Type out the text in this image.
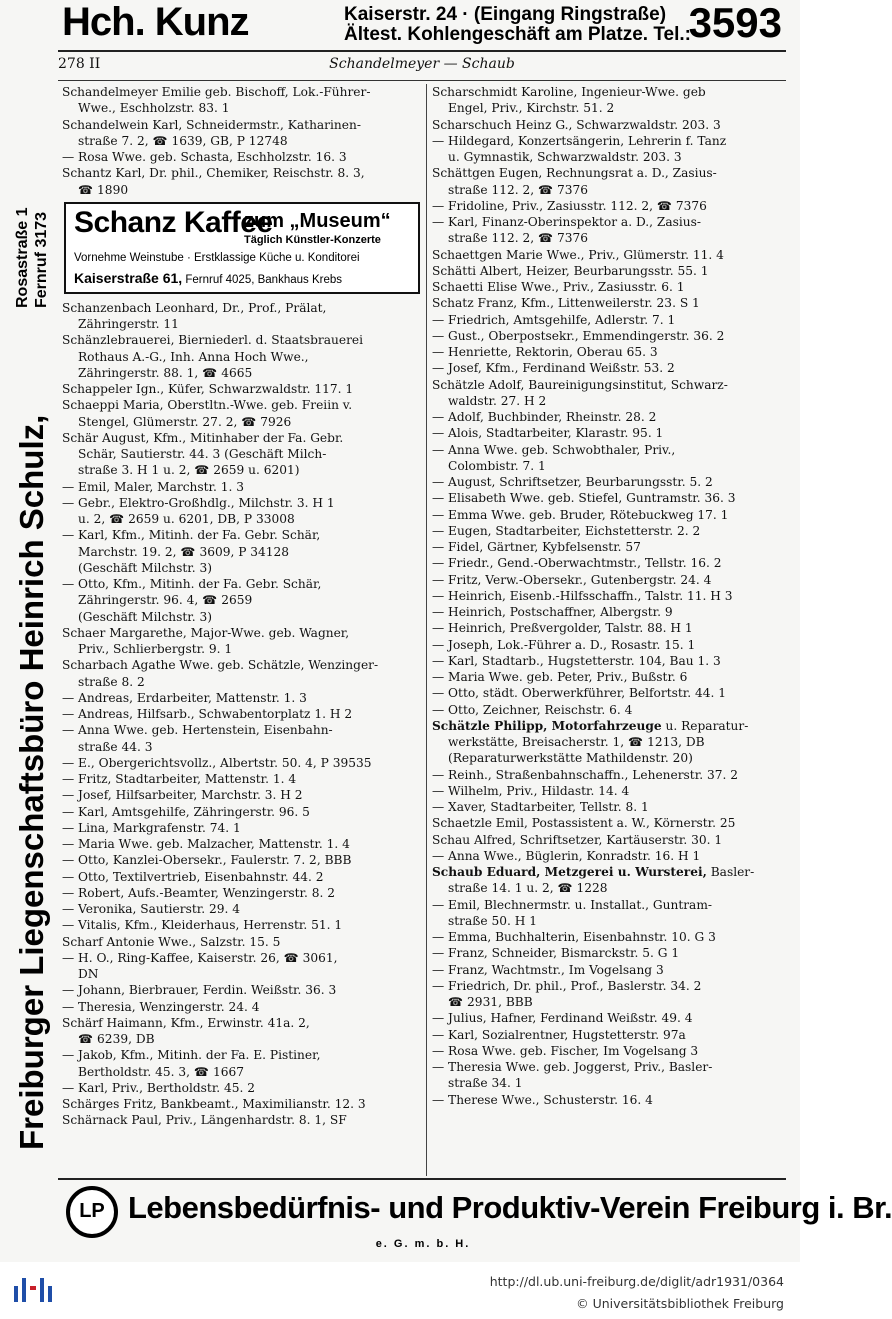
Hch. Kunz	Kaiserstr. 24 · (Eingang Ringstraße)
Ältest. Kohlengeschäft am Platze. Tel.:
3593
278 II	Schandelmeyer — Schaub
Rosastraße 1 Fernruf 3173
Freiburger Liegenschaftsbüro Heinrich Schulz,
Schandelmeyer Emilie geb. Bischoff, Lok.-Führer-
Wwe., Eschholzstr. 83. 1
Schandelwein Karl, Schneidermstr., Katharinen-
straße 7. 2, ☎ 1639, GB, P 12748
— Rosa Wwe. geb. Schasta, Eschholzstr. 16. 3
Schantz Karl, Dr. phil., Chemiker, Reischstr. 8. 3,
☎ 1890
Schanz Kaffee
zum „Museum“
Täglich Künstler-Konzerte
Vornehme Weinstube · Erstklassige Küche u. Konditorei
Kaiserstraße 61, Fernruf 4025, Bankhaus Krebs
Schanzenbach Leonhard, Dr., Prof., Prälat,
Zähringerstr. 11
Schänzlebrauerei, Bierniederl. d. Staatsbrauerei
Rothaus A.-G., Inh. Anna Hoch Wwe.,
Zähringerstr. 88. 1, ☎ 4665
Schappeler Ign., Küfer, Schwarzwaldstr. 117. 1
Schaeppi Maria, Oberstltn.-Wwe. geb. Freiin v.
Stengel, Glümerstr. 27. 2, ☎ 7926
Schär August, Kfm., Mitinhaber der Fa. Gebr.
Schär, Sautierstr. 44. 3 (Geschäft Milch-
straße 3. H 1 u. 2, ☎ 2659 u. 6201)
— Emil, Maler, Marchstr. 1. 3
— Gebr., Elektro-Großhdlg., Milchstr. 3. H 1
u. 2, ☎ 2659 u. 6201, DB, P 33008
— Karl, Kfm., Mitinh. der Fa. Gebr. Schär,
Marchstr. 19. 2, ☎ 3609, P 34128
(Geschäft Milchstr. 3)
— Otto, Kfm., Mitinh. der Fa. Gebr. Schär,
Zähringerstr. 96. 4, ☎ 2659
(Geschäft Milchstr. 3)
Schaer Margarethe, Major-Wwe. geb. Wagner,
Priv., Schlierbergstr. 9. 1
Scharbach Agathe Wwe. geb. Schätzle, Wenzinger-
straße 8. 2
— Andreas, Erdarbeiter, Mattenstr. 1. 3
— Andreas, Hilfsarb., Schwabentorplatz 1. H 2
— Anna Wwe. geb. Hertenstein, Eisenbahn-
straße 44. 3
— E., Obergerichtsvollz., Albertstr. 50. 4, P 39535
— Fritz, Stadtarbeiter, Mattenstr. 1. 4
— Josef, Hilfsarbeiter, Marchstr. 3. H 2
— Karl, Amtsgehilfe, Zähringerstr. 96. 5
— Lina, Markgrafenstr. 74. 1
— Maria Wwe. geb. Malzacher, Mattenstr. 1. 4
— Otto, Kanzlei-Obersekr., Faulerstr. 7. 2, BBB
— Otto, Textilvertrieb, Eisenbahnstr. 44. 2
— Robert, Aufs.-Beamter, Wenzingerstr. 8. 2
— Veronika, Sautierstr. 29. 4
— Vitalis, Kfm., Kleiderhaus, Herrenstr. 51. 1
Scharf Antonie Wwe., Salzstr. 15. 5
— H. O., Ring-Kaffee, Kaiserstr. 26, ☎ 3061,
DN
— Johann, Bierbrauer, Ferdin. Weißstr. 36. 3
— Theresia, Wenzingerstr. 24. 4
Schärf Haimann, Kfm., Erwinstr. 41a. 2,
☎ 6239, DB
— Jakob, Kfm., Mitinh. der Fa. E. Pistiner,
Bertholdstr. 45. 3, ☎ 1667
— Karl, Priv., Bertholdstr. 45. 2
Schärges Fritz, Bankbeamt., Maximilianstr. 12. 3
Schärnack Paul, Priv., Längenhardstr. 8. 1, SF
Scharschmidt Karoline, Ingenieur-Wwe. geb
Engel, Priv., Kirchstr. 51. 2
Scharschuch Heinz G., Schwarzwaldstr. 203. 3
— Hildegard, Konzertsängerin, Lehrerin f. Tanz
u. Gymnastik, Schwarzwaldstr. 203. 3
Schättgen Eugen, Rechnungsrat a. D., Zasius-
straße 112. 2, ☎ 7376
— Fridoline, Priv., Zasiusstr. 112. 2, ☎ 7376
— Karl, Finanz-Oberinspektor a. D., Zasius-
straße 112. 2, ☎ 7376
Schaettgen Marie Wwe., Priv., Glümerstr. 11. 4
Schätti Albert, Heizer, Beurbarungsstr. 55. 1
Schaetti Elise Wwe., Priv., Zasiusstr. 6. 1
Schatz Franz, Kfm., Littenweilerstr. 23. S 1
— Friedrich, Amtsgehilfe, Adlerstr. 7. 1
— Gust., Oberpostsekr., Emmendingerstr. 36. 2
— Henriette, Rektorin, Oberau 65. 3
— Josef, Kfm., Ferdinand Weißstr. 53. 2
Schätzle Adolf, Baureinigungsinstitut, Schwarz-
waldstr. 27. H 2
— Adolf, Buchbinder, Rheinstr. 28. 2
— Alois, Stadtarbeiter, Klarastr. 95. 1
— Anna Wwe. geb. Schwobthaler, Priv.,
Colombistr. 7. 1
— August, Schriftsetzer, Beurbarungsstr. 5. 2
— Elisabeth Wwe. geb. Stiefel, Guntramstr. 36. 3
— Emma Wwe. geb. Bruder, Rötebuckweg 17. 1
— Eugen, Stadtarbeiter, Eichstetterstr. 2. 2
— Fidel, Gärtner, Kybfelsenstr. 57
— Friedr., Gend.-Oberwachtmstr., Tellstr. 16. 2
— Fritz, Verw.-Obersekr., Gutenbergstr. 24. 4
— Heinrich, Eisenb.-Hilfsschaffn., Talstr. 11. H 3
— Heinrich, Postschaffner, Albergstr. 9
— Heinrich, Preßvergolder, Talstr. 88. H 1
— Joseph, Lok.-Führer a. D., Rosastr. 15. 1
— Karl, Stadtarb., Hugstetterstr. 104, Bau 1. 3
— Maria Wwe. geb. Peter, Priv., Bußstr. 6
— Otto, städt. Oberwerkführer, Belfortstr. 44. 1
— Otto, Zeichner, Reischstr. 6. 4
Schätzle Philipp, Motorfahrzeuge u. Reparatur-
werkstätte, Breisacherstr. 1, ☎ 1213, DB
(Reparaturwerkstätte Mathildenstr. 20)
— Reinh., Straßenbahnschaffn., Lehenerstr. 37. 2
— Wilhelm, Priv., Hildastr. 14. 4
— Xaver, Stadtarbeiter, Tellstr. 8. 1
Schaetzle Emil, Postassistent a. W., Körnerstr. 25
Schau Alfred, Schriftsetzer, Kartäuserstr. 30. 1
— Anna Wwe., Büglerin, Konradstr. 16. H 1
Schaub Eduard, Metzgerei u. Wursterei, Basler-
straße 14. 1 u. 2, ☎ 1228
— Emil, Blechnermstr. u. Installat., Guntram-
straße 50. H 1
— Emma, Buchhalterin, Eisenbahnstr. 10. G 3
— Franz, Schneider, Bismarckstr. 5. G 1
— Franz, Wachtmstr., Im Vogelsang 3
— Friedrich, Dr. phil., Prof., Baslerstr. 34. 2
☎ 2931, BBB
— Julius, Hafner, Ferdinand Weißstr. 49. 4
— Karl, Sozialrentner, Hugstetterstr. 97a
— Rosa Wwe. geb. Fischer, Im Vogelsang 3
— Theresia Wwe. geb. Joggerst, Priv., Basler-
straße 34. 1
— Therese Wwe., Schusterstr. 16. 4
LP Lebensbedürfnis- und Produktiv-Verein Freiburg i. Br.
e. G. m. b. H.
http://dl.ub.uni-freiburg.de/diglit/adr1931/0364
© Universitätsbibliothek Freiburg
